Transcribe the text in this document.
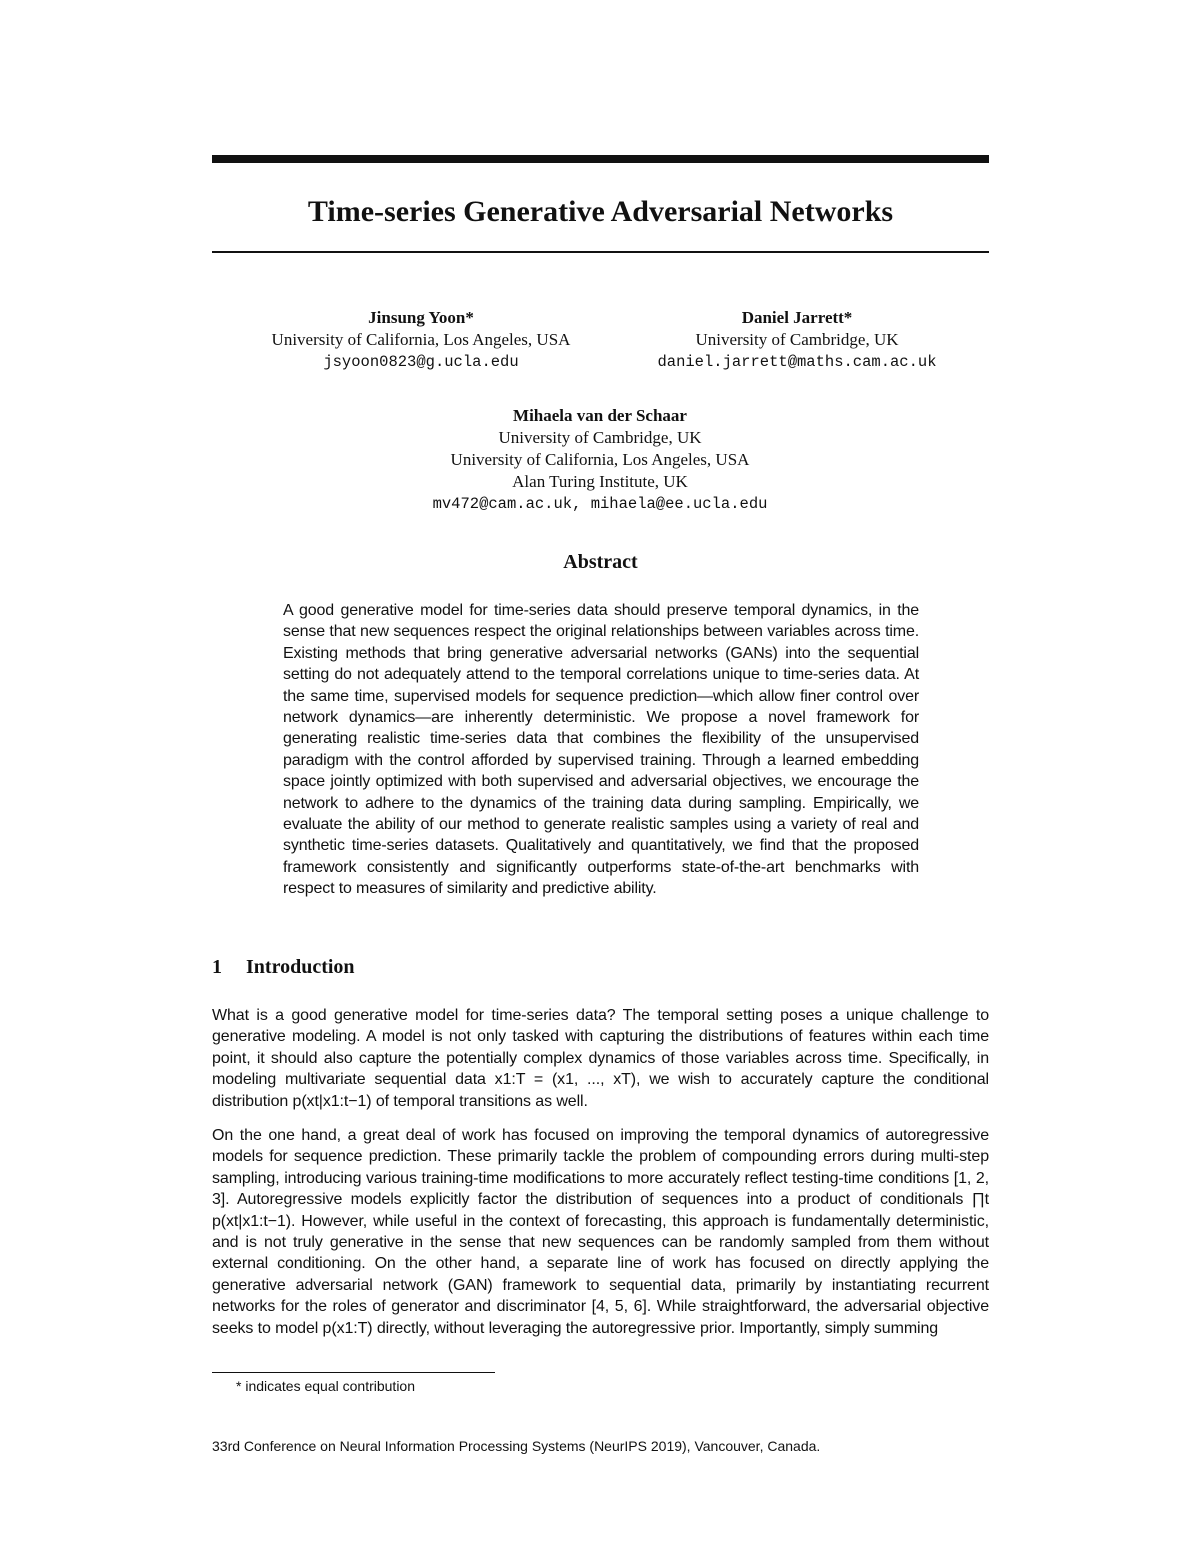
Time-series Generative Adversarial Networks
Jinsung Yoon*
University of California, Los Angeles, USA
jsyoon0823@g.ucla.edu
Daniel Jarrett*
University of Cambridge, UK
daniel.jarrett@maths.cam.ac.uk
Mihaela van der Schaar
University of Cambridge, UK
University of California, Los Angeles, USA
Alan Turing Institute, UK
mv472@cam.ac.uk, mihaela@ee.ucla.edu
Abstract

A good generative model for time-series data should preserve temporal dynamics, in the sense that new sequences respect the original relationships between variables across time. Existing methods that bring generative adversarial networks (GANs) into the sequential setting do not adequately attend to the temporal correlations unique to time-series data. At the same time, supervised models for sequence prediction—which allow finer control over network dynamics—are inherently deterministic. We propose a novel framework for generating realistic time-series data that combines the flexibility of the unsupervised paradigm with the control afforded by supervised training. Through a learned embedding space jointly optimized with both supervised and adversarial objectives, we encourage the network to adhere to the dynamics of the training data during sampling. Empirically, we evaluate the ability of our method to generate realistic samples using a variety of real and synthetic time-series datasets. Qualitatively and quantitatively, we find that the proposed framework consistently and significantly outperforms state-of-the-art benchmarks with respect to measures of similarity and predictive ability.

1 Introduction

What is a good generative model for time-series data? The temporal setting poses a unique challenge to generative modeling. A model is not only tasked with capturing the distributions of features within each time point, it should also capture the potentially complex dynamics of those variables across time. Specifically, in modeling multivariate sequential data x1:T = (x1, ..., xT), we wish to accurately capture the conditional distribution p(xt|x1:t−1) of temporal transitions as well.

On the one hand, a great deal of work has focused on improving the temporal dynamics of autoregressive models for sequence prediction. These primarily tackle the problem of compounding errors during multi-step sampling, introducing various training-time modifications to more accurately reflect testing-time conditions [1, 2, 3]. Autoregressive models explicitly factor the distribution of sequences into a product of conditionals ∏t p(xt|x1:t−1). However, while useful in the context of forecasting, this approach is fundamentally deterministic, and is not truly generative in the sense that new sequences can be randomly sampled from them without external conditioning. On the other hand, a separate line of work has focused on directly applying the generative adversarial network (GAN) framework to sequential data, primarily by instantiating recurrent networks for the roles of generator and discriminator [4, 5, 6]. While straightforward, the adversarial objective seeks to model p(x1:T) directly, without leveraging the autoregressive prior. Importantly, simply summing

* indicates equal contribution
33rd Conference on Neural Information Processing Systems (NeurIPS 2019), Vancouver, Canada.
